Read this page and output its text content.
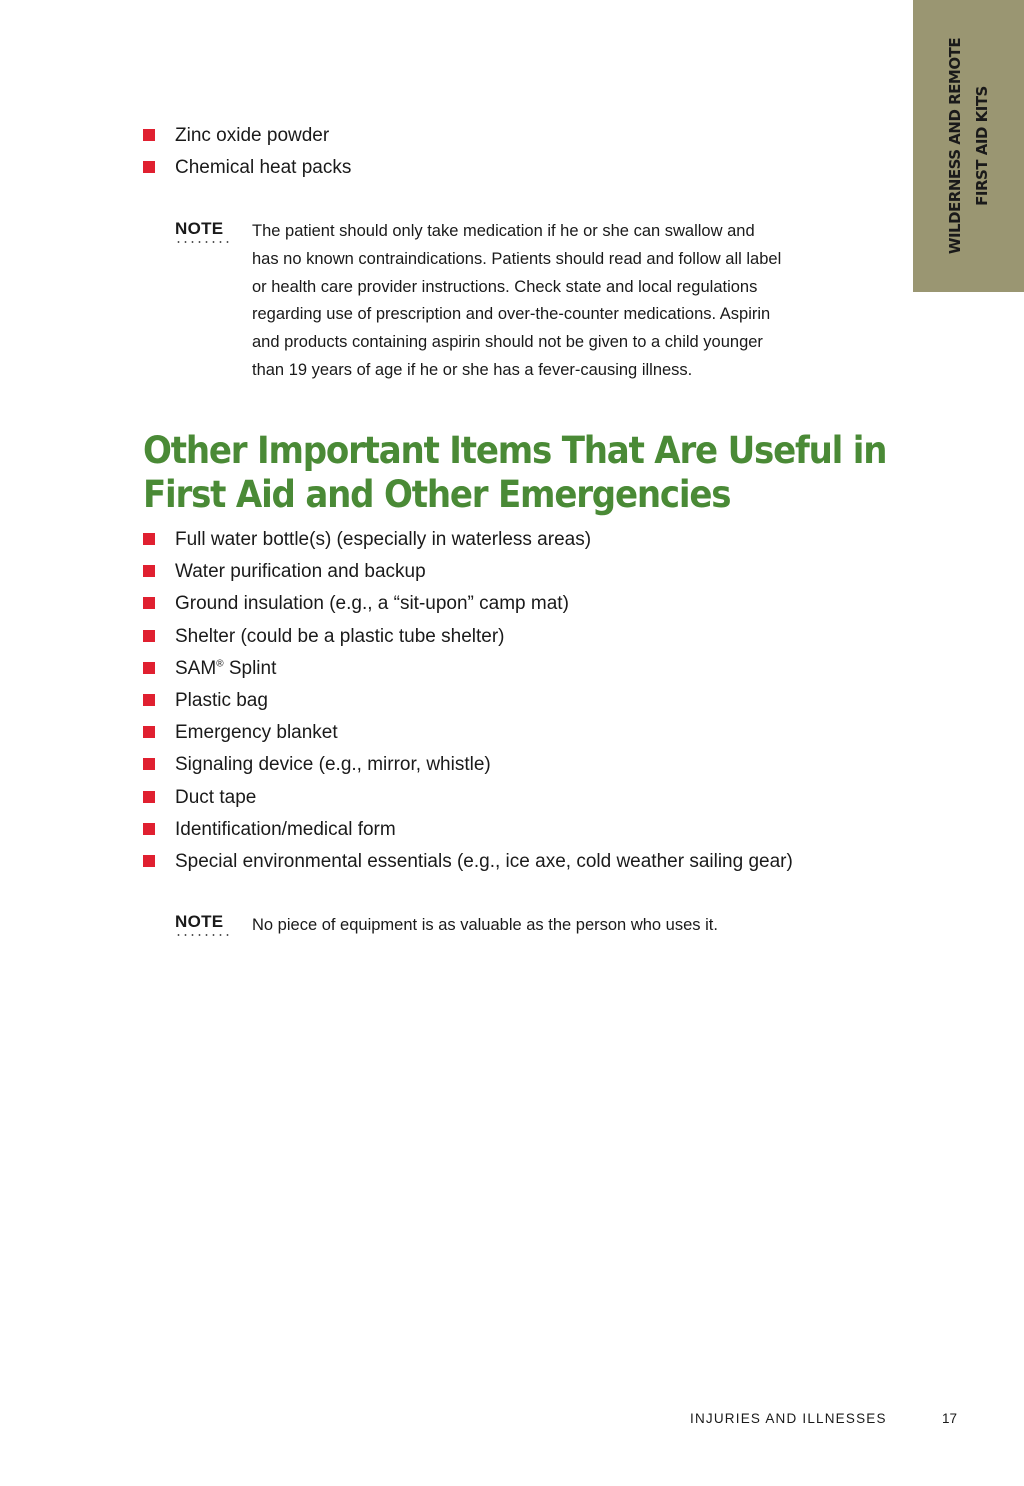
WILDERNESS AND REMOTE FIRST AID KITS
Zinc oxide powder
Chemical heat packs
NOTE The patient should only take medication if he or she can swallow and
has no known contraindications. Patients should read and follow all label
or health care provider instructions. Check state and local regulations
regarding use of prescription and over-the-counter medications. Aspirin
and products containing aspirin should not be given to a child younger
than 19 years of age if he or she has a fever-causing illness.
Other Important Items That Are Useful in
First Aid and Other Emergencies
Full water bottle(s) (especially in waterless areas)
Water purification and backup
Ground insulation (e.g., a “sit-upon” camp mat)
Shelter (could be a plastic tube shelter)
SAM® Splint
Plastic bag
Emergency blanket
Signaling device (e.g., mirror, whistle)
Duct tape
Identification/medical form
Special environmental essentials (e.g., ice axe, cold weather sailing gear)
NOTE No piece of equipment is as valuable as the person who uses it.
INJURIES AND ILLNESSES	17
